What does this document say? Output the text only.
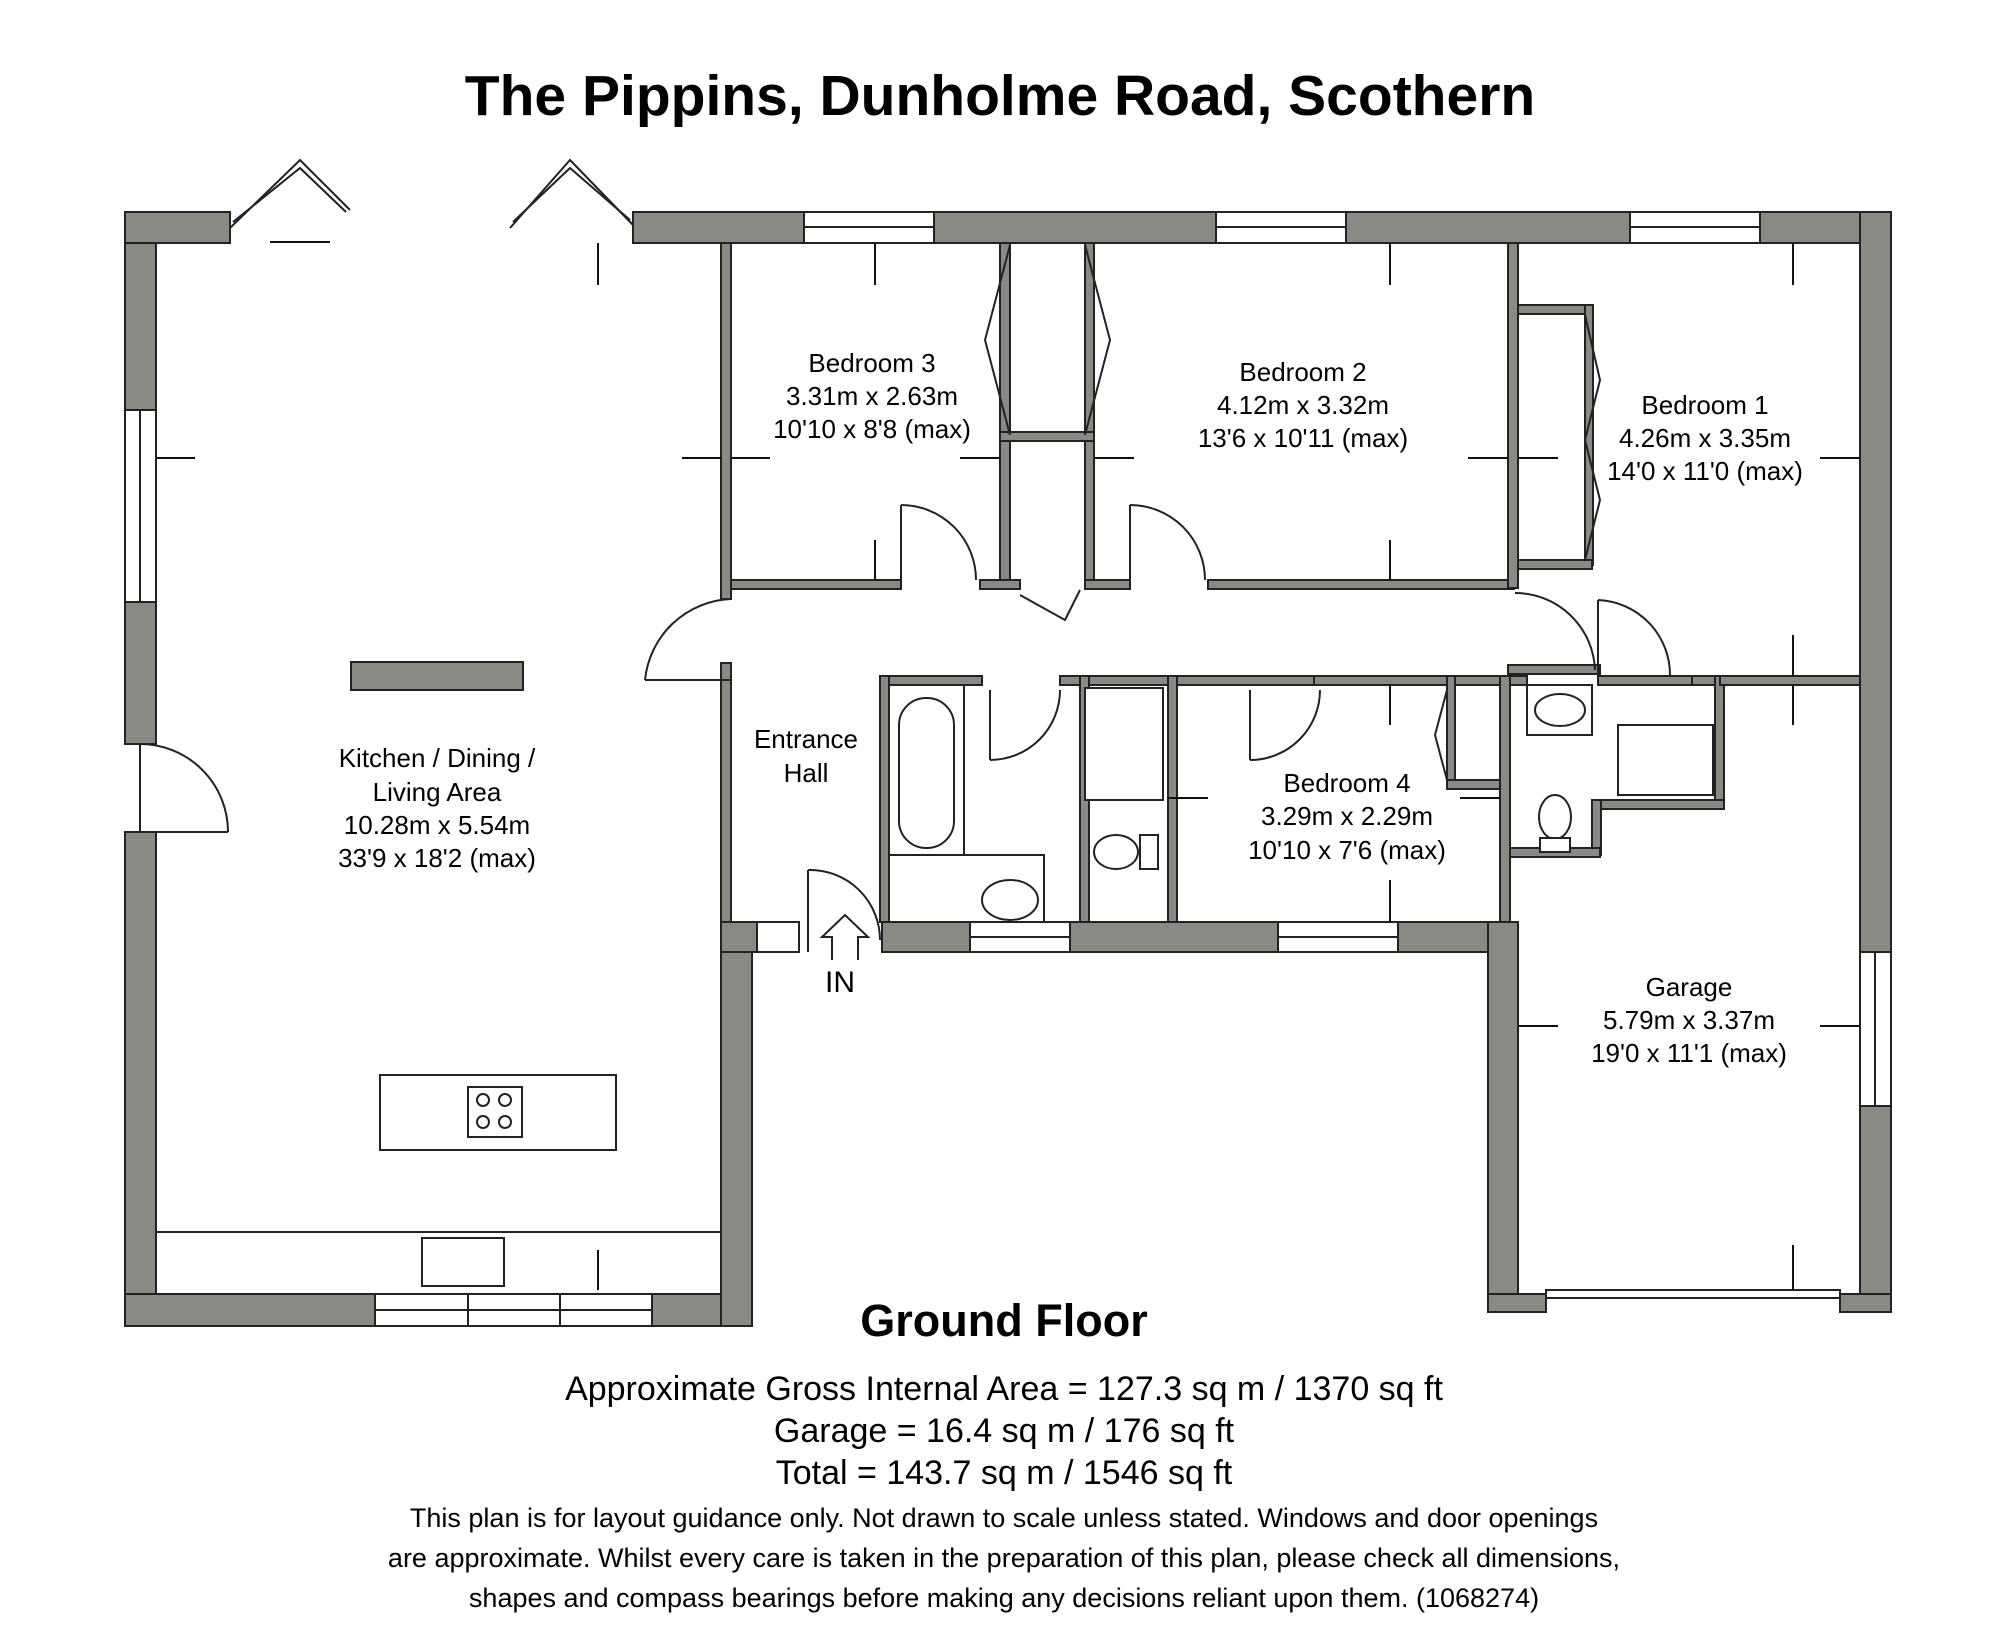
The Pippins, Dunholme Road, Scothern
Bedroom 3
3.31m x 2.63m
10'10 x 8'8 (max)
Bedroom 2
4.12m x 3.32m
13'6 x 10'11 (max)
Bedroom 1
4.26m x 3.35m
14'0 x 11'0 (max)
Kitchen / Dining /
Living Area
10.28m x 5.54m
33'9 x 18'2 (max)
Entrance
Hall	Bedroom 4
3.29m x 2.29m
10'10 x 7'6 (max)
Garage
5.79m x 3.37m
19'0 x 11'1 (max)
IN
Ground Floor
Approximate Gross Internal Area = 127.3 sq m / 1370 sq ft
Garage = 16.4 sq m / 176 sq ft
Total = 143.7 sq m / 1546 sq ft
This plan is for layout guidance only. Not drawn to scale unless stated. Windows and door openings
are approximate. Whilst every care is taken in the preparation of this plan, please check all dimensions,
shapes and compass bearings before making any decisions reliant upon them. (1068274)
